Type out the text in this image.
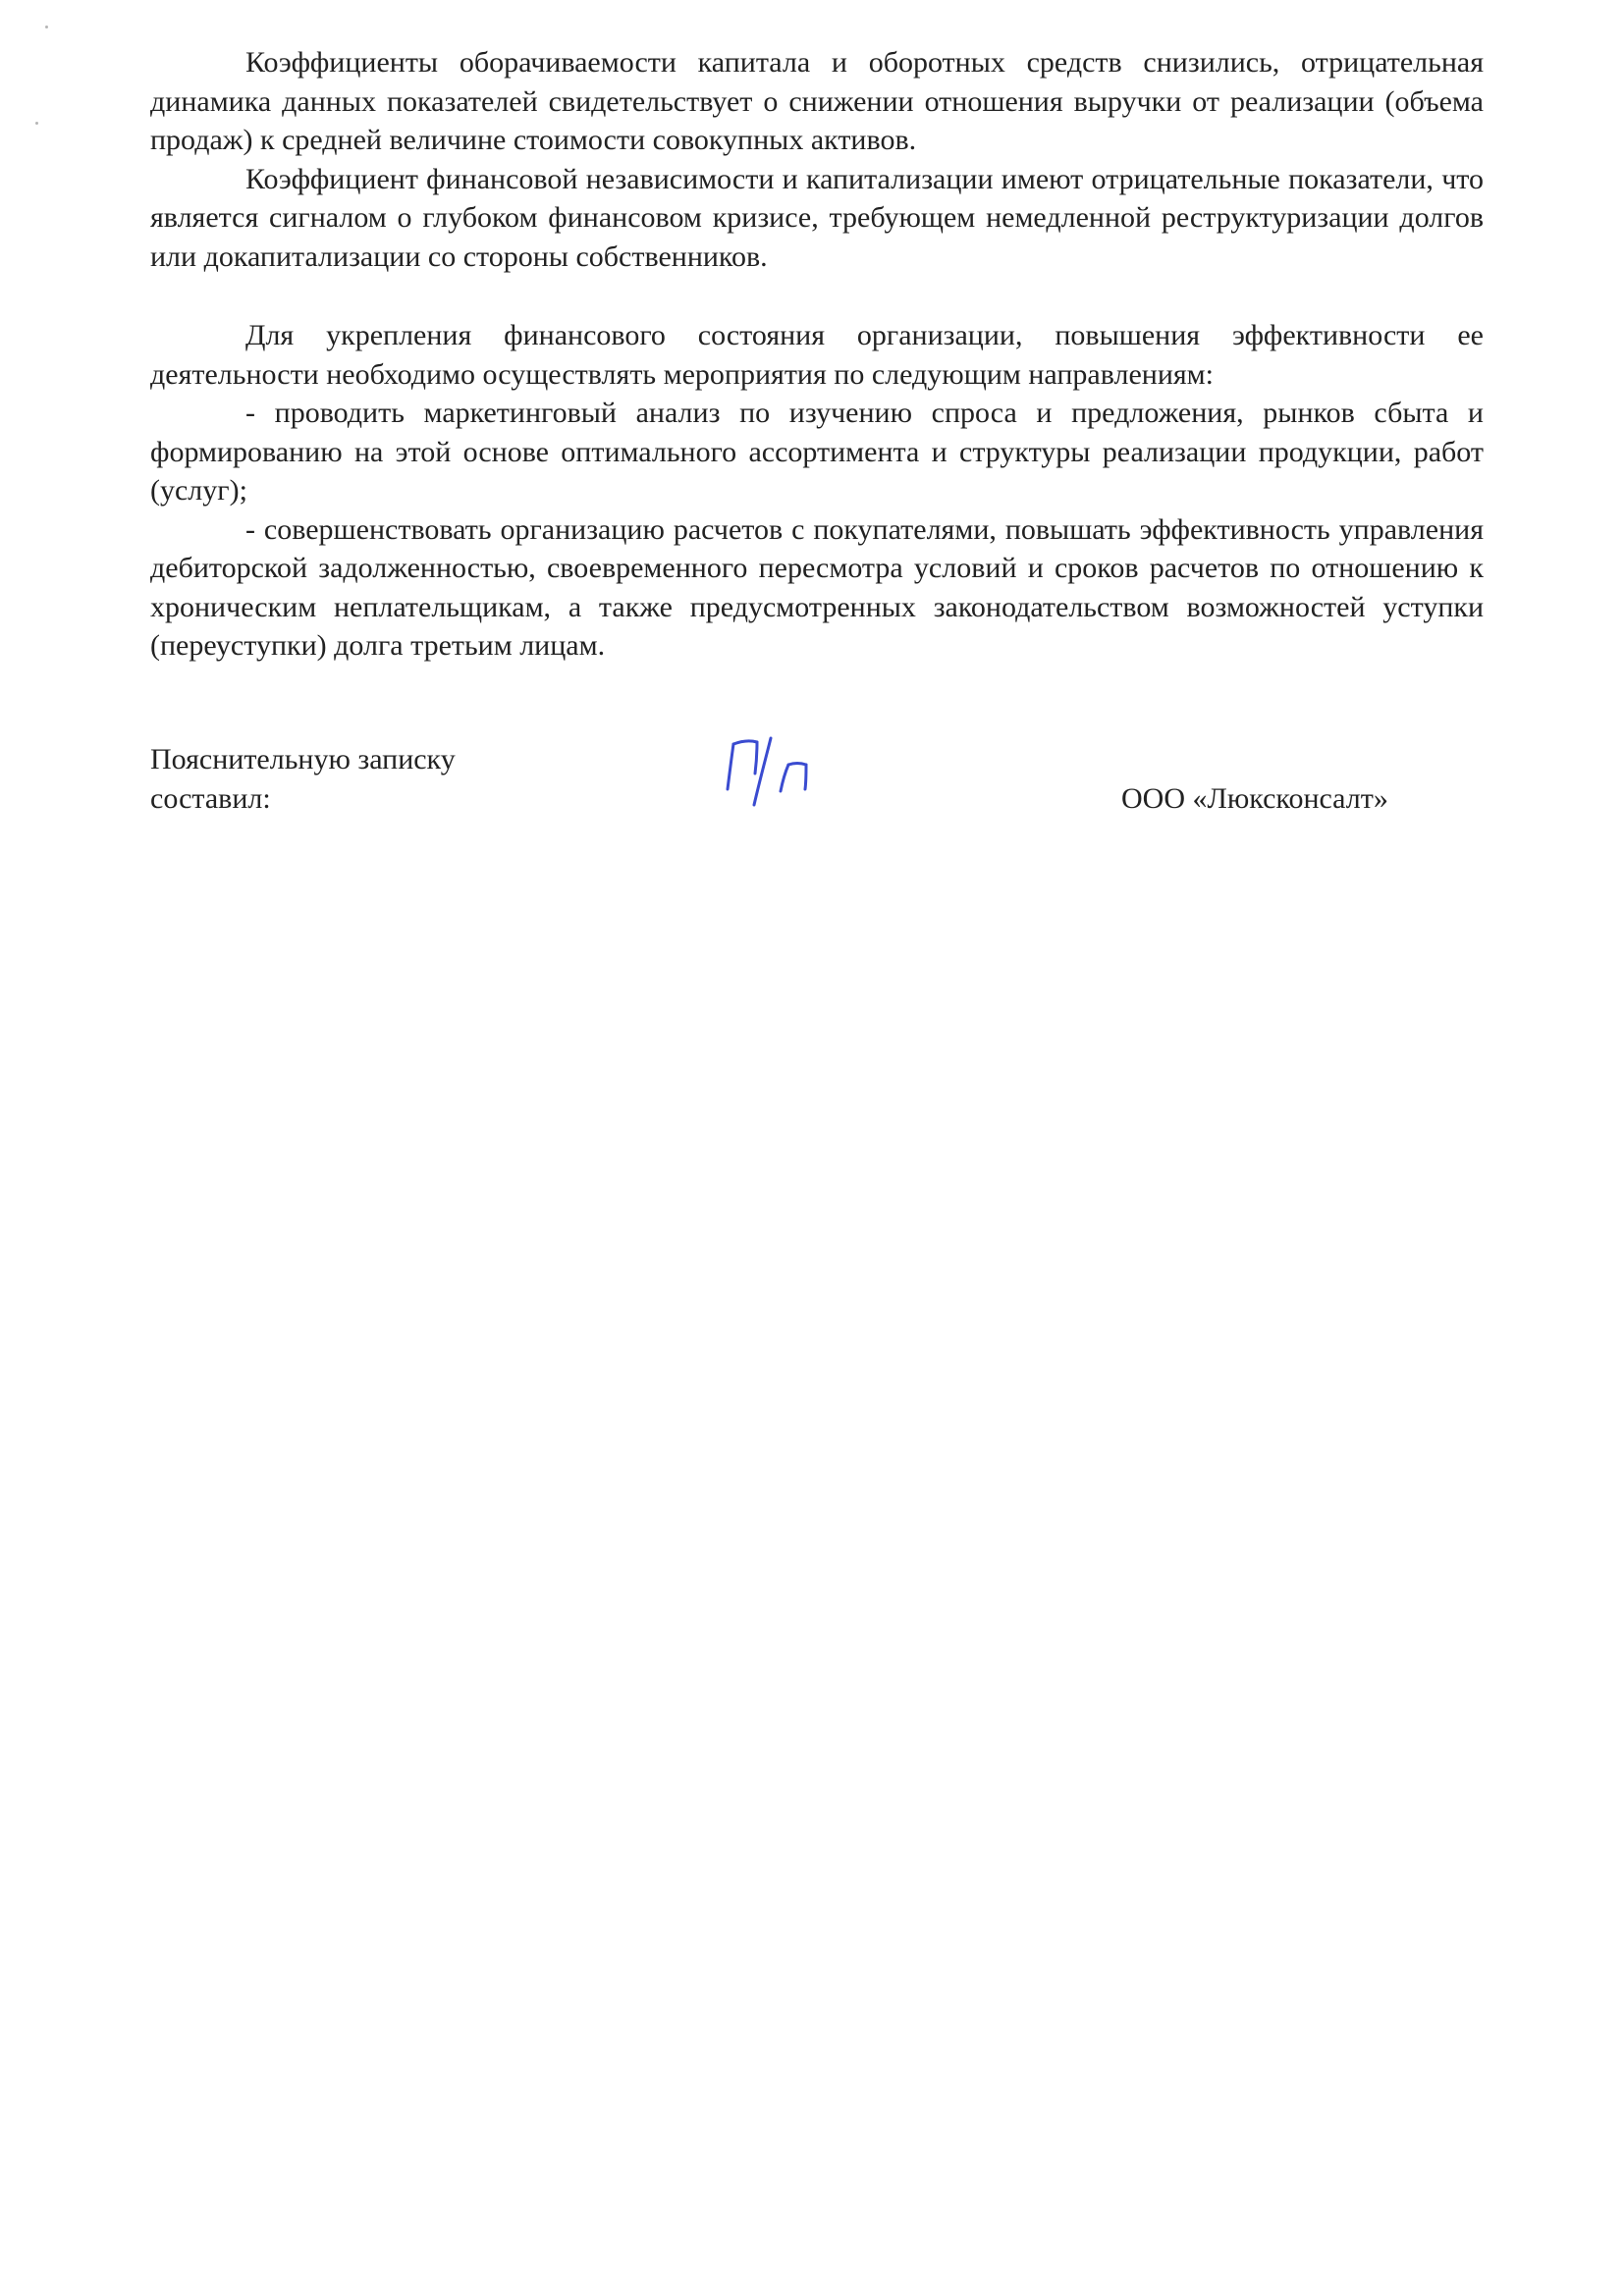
Коэффициенты оборачиваемости капитала и оборотных средств снизились, отрицательная динамика данных показателей свидетельствует о снижении отношения выручки от реализации (объема продаж) к средней величине стоимости совокупных активов.

Коэффициент финансовой независимости и капитализации имеют отрицательные показатели, что является сигналом о глубоком финансовом кризисе, требующем немедленной реструктуризации долгов или докапитализации со стороны собственников.

Для укрепления финансового состояния организации, повышения эффективности ее деятельности необходимо осуществлять мероприятия по следующим направлениям:

- проводить маркетинговый анализ по изучению спроса и предложения, рынков сбыта и формированию на этой основе оптимального ассортимента и структуры реализации продукции, работ (услуг);

- совершенствовать организацию расчетов с покупателями, повышать эффективность управления дебиторской задолженностью, своевременного пересмотра условий и сроков расчетов по отношению к хроническим неплательщикам, а также предусмотренных законодательством возможностей уступки (переуступки) долга третьим лицам.

Пояснительную записку
составил:	ООО «Люксконсалт»
